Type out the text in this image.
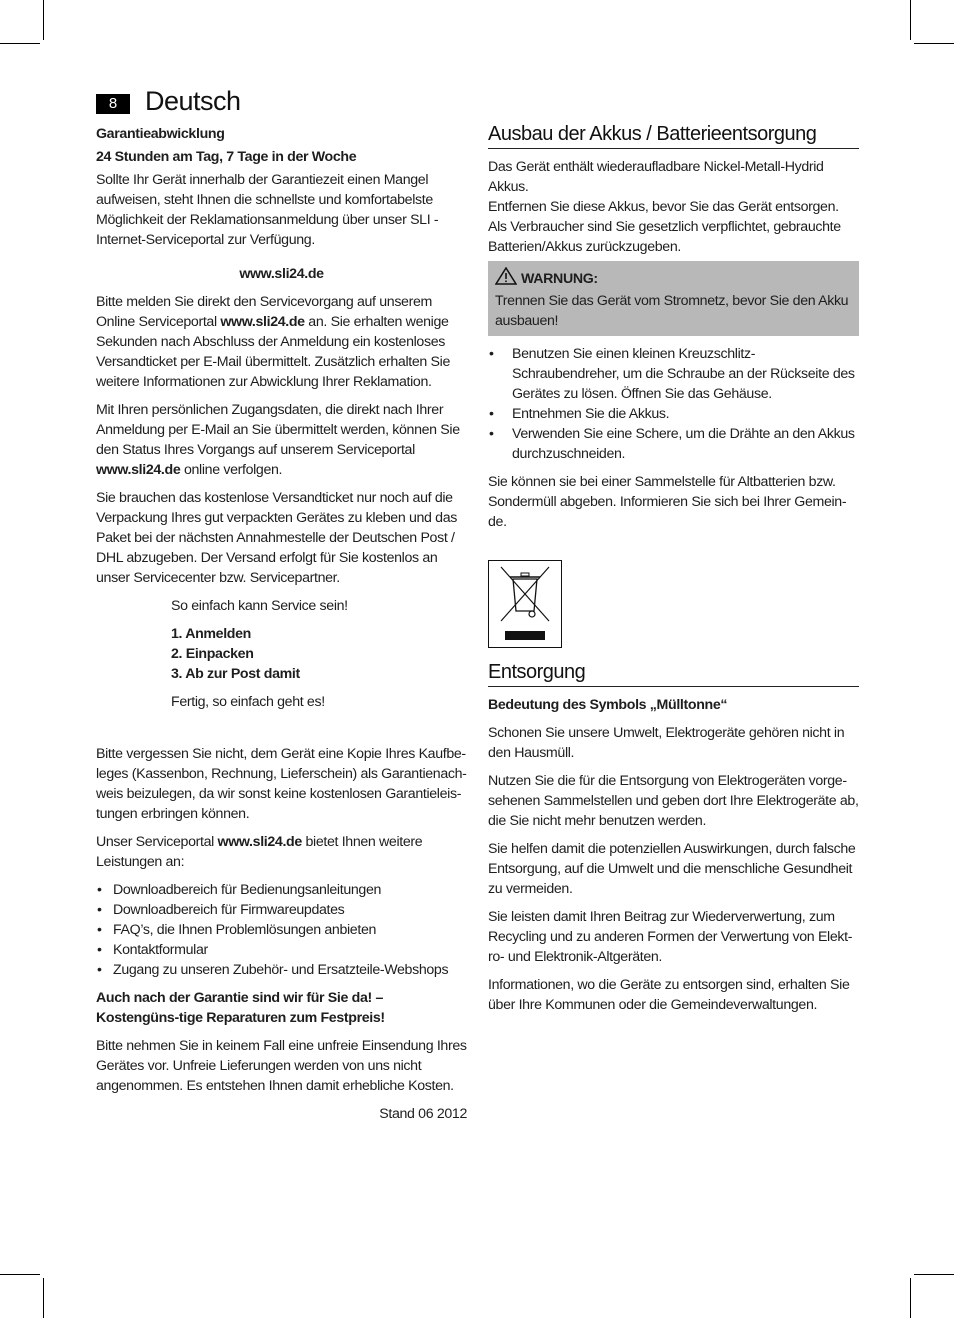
8	Deutsch

Garantieabwicklung

24 Stunden am Tag, 7 Tage in der Woche

Sollte Ihr Gerät innerhalb der Garantiezeit einen Mangel aufweisen, steht Ihnen die schnellste und komfortabelste Möglichkeit der Reklamationsanmeldung über unser SLI - Internet-Serviceportal zur Verfügung.

www.sli24.de

Bitte melden Sie direkt den Servicevorgang auf unserem Online Serviceportal www.sli24.de an. Sie erhalten wenige Sekunden nach Abschluss der Anmeldung ein kostenloses Versandticket per E-Mail übermittelt. Zusätzlich erhalten Sie weitere Informationen zur Abwicklung Ihrer Reklamation.

Mit Ihren persönlichen Zugangsdaten, die direkt nach Ihrer Anmeldung per E-Mail an Sie übermittelt werden, können Sie den Status Ihres Vorgangs auf unserem Serviceportal www.sli24.de online verfolgen.

Sie brauchen das kostenlose Versandticket nur noch auf die Verpackung Ihres gut verpackten Gerätes zu kleben und das Paket bei der nächsten Annahmestelle der Deutschen Post / DHL abzugeben. Der Versand erfolgt für Sie kostenlos an unser Servicecenter bzw. Servicepartner.

So einfach kann Service sein!

1. Anmelden
2. Einpacken
3. Ab zur Post damit

Fertig, so einfach geht es!

Bitte vergessen Sie nicht, dem Gerät eine Kopie Ihres Kaufbe-leges (Kassenbon, Rechnung, Lieferschein) als Garantienach-weis beizulegen, da wir sonst keine kostenlosen Garantieleis-tungen erbringen können.

Unser Serviceportal www.sli24.de bietet Ihnen weitere Leistungen an:

• Downloadbereich für Bedienungsanleitungen
• Downloadbereich für Firmwareupdates
• FAQ’s, die Ihnen Problemlösungen anbieten
• Kontaktformular
• Zugang zu unseren Zubehör- und Ersatzteile-Webshops

Auch nach der Garantie sind wir für Sie da! – Kostengüns-tige Reparaturen zum Festpreis!

Bitte nehmen Sie in keinem Fall eine unfreie Einsendung Ihres Gerätes vor. Unfreie Lieferungen werden von uns nicht angenommen. Es entstehen Ihnen damit erhebliche Kosten.

Stand 06 2012

Ausbau der Akkus / Batterieentsorgung
Das Gerät enthält wiederaufladbare Nickel-Metall-Hydrid Akkus.
Entfernen Sie diese Akkus, bevor Sie das Gerät entsorgen.
Als Verbraucher sind Sie gesetzlich verpflichtet, gebrauchte Batterien/Akkus zurückzugeben.
WARNUNG:
Trennen Sie das Gerät vom Stromnetz, bevor Sie den Akku ausbauen!
• Benutzen Sie einen kleinen Kreuzschlitz-Schraubendreher, um die Schraube an der Rückseite des Gerätes zu lösen. Öffnen Sie das Gehäuse.
• Entnehmen Sie die Akkus.
• Verwenden Sie eine Schere, um die Drähte an den Akkus durchzuschneiden.

Sie können sie bei einer Sammelstelle für Altbatterien bzw. Sondermüll abgeben. Informieren Sie sich bei Ihrer Gemein-de.

Entsorgung

Bedeutung des Symbols „Mülltonne“

Schonen Sie unsere Umwelt, Elektrogeräte gehören nicht in den Hausmüll.

Nutzen Sie die für die Entsorgung von Elektrogeräten vorge-sehenen Sammelstellen und geben dort Ihre Elektrogeräte ab, die Sie nicht mehr benutzen werden.

Sie helfen damit die potenziellen Auswirkungen, durch falsche Entsorgung, auf die Umwelt und die menschliche Gesundheit zu vermeiden.

Sie leisten damit Ihren Beitrag zur Wiederverwertung, zum Recycling und zu anderen Formen der Verwertung von Elekt-ro- und Elektronik-Altgeräten.

Informationen, wo die Geräte zu entsorgen sind, erhalten Sie über Ihre Kommunen oder die Gemeindeverwaltungen.
